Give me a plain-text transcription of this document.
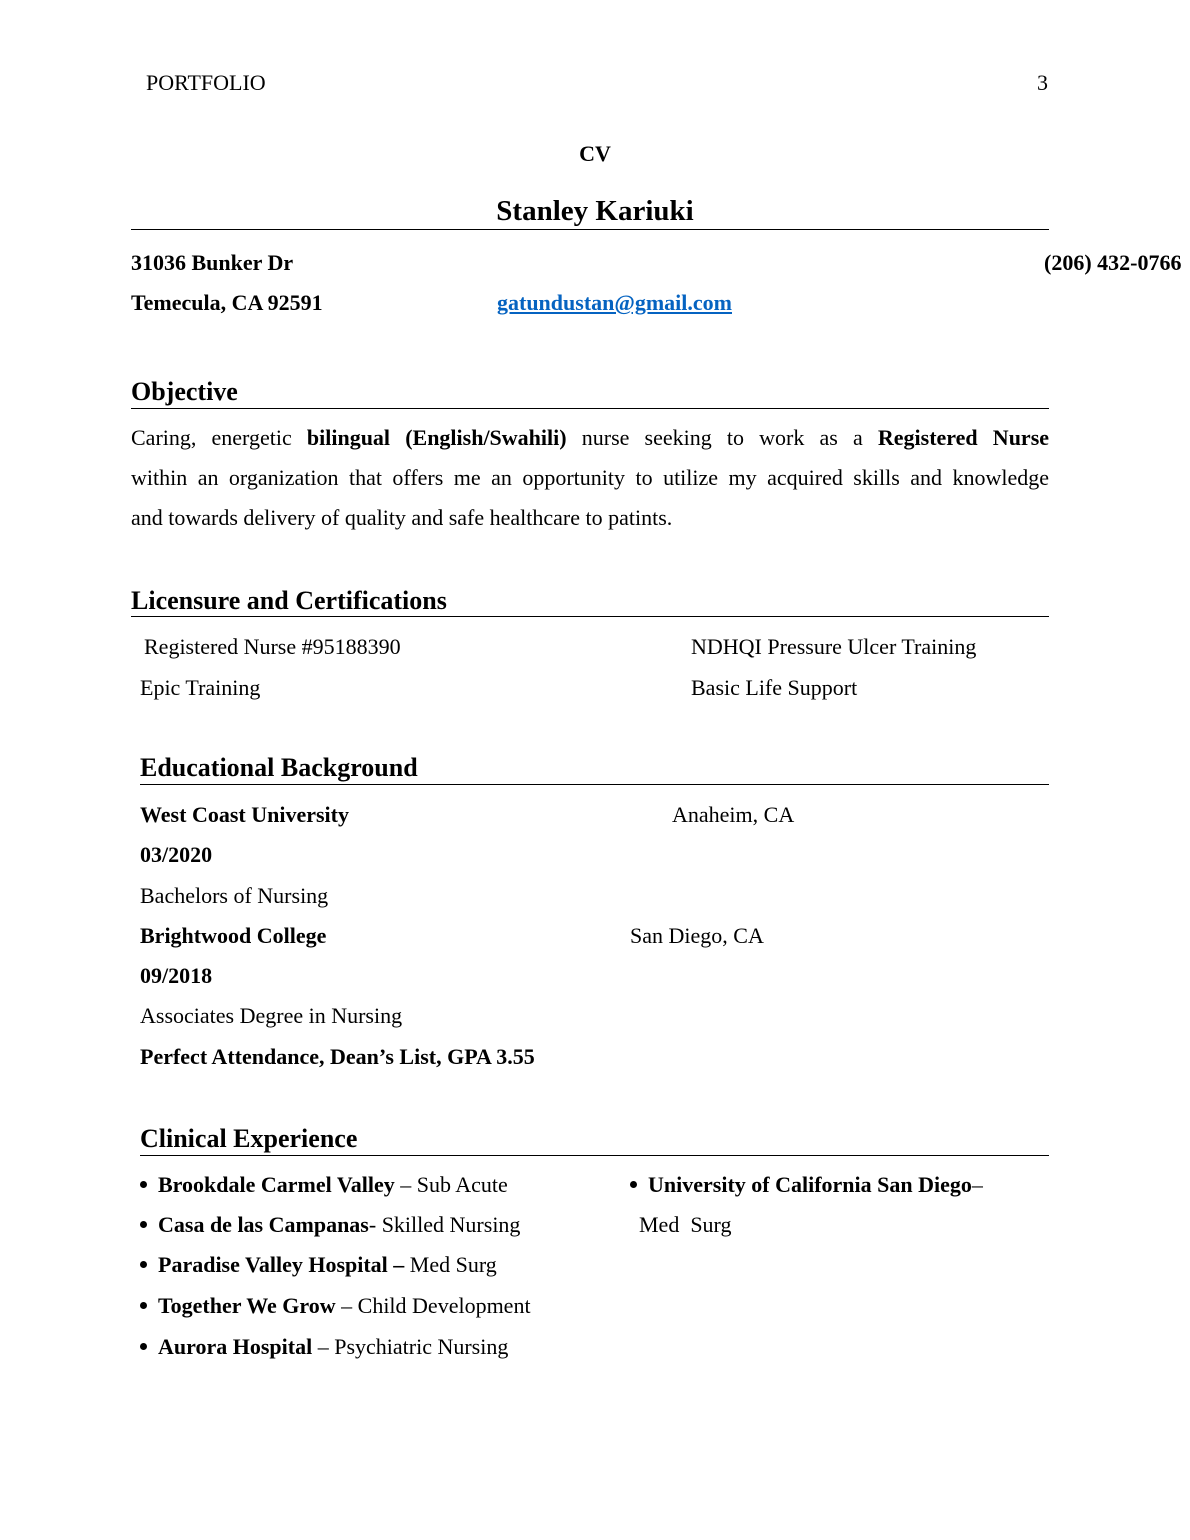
PORTFOLIO	3
CV
Stanley Kariuki
31036 Bunker Dr	(206) 432-0766
Temecula, CA 92591	gatundustan@gmail.com
Objective
Caring, energetic bilingual (English/Swahili) nurse seeking to work as a Registered Nurse
within an organization that offers me an opportunity to utilize my acquired skills and knowledge
and towards delivery of quality and safe healthcare to patints.
Licensure and Certifications
Registered Nurse #95188390	NDHQI Pressure Ulcer Training
Epic Training	Basic Life Support
Educational Background
West Coast University	Anaheim, CA
03/2020
Bachelors of Nursing
Brightwood College	San Diego, CA
09/2018
Associates Degree in Nursing
Perfect Attendance, Dean’s List, GPA 3.55
Clinical Experience
Brookdale Carmel Valley – Sub Acute
Casa de las Campanas- Skilled Nursing
Paradise Valley Hospital – Med Surg
Together We Grow – Child Development
Aurora Hospital – Psychiatric Nursing
University of California San Diego–
Med  Surg
